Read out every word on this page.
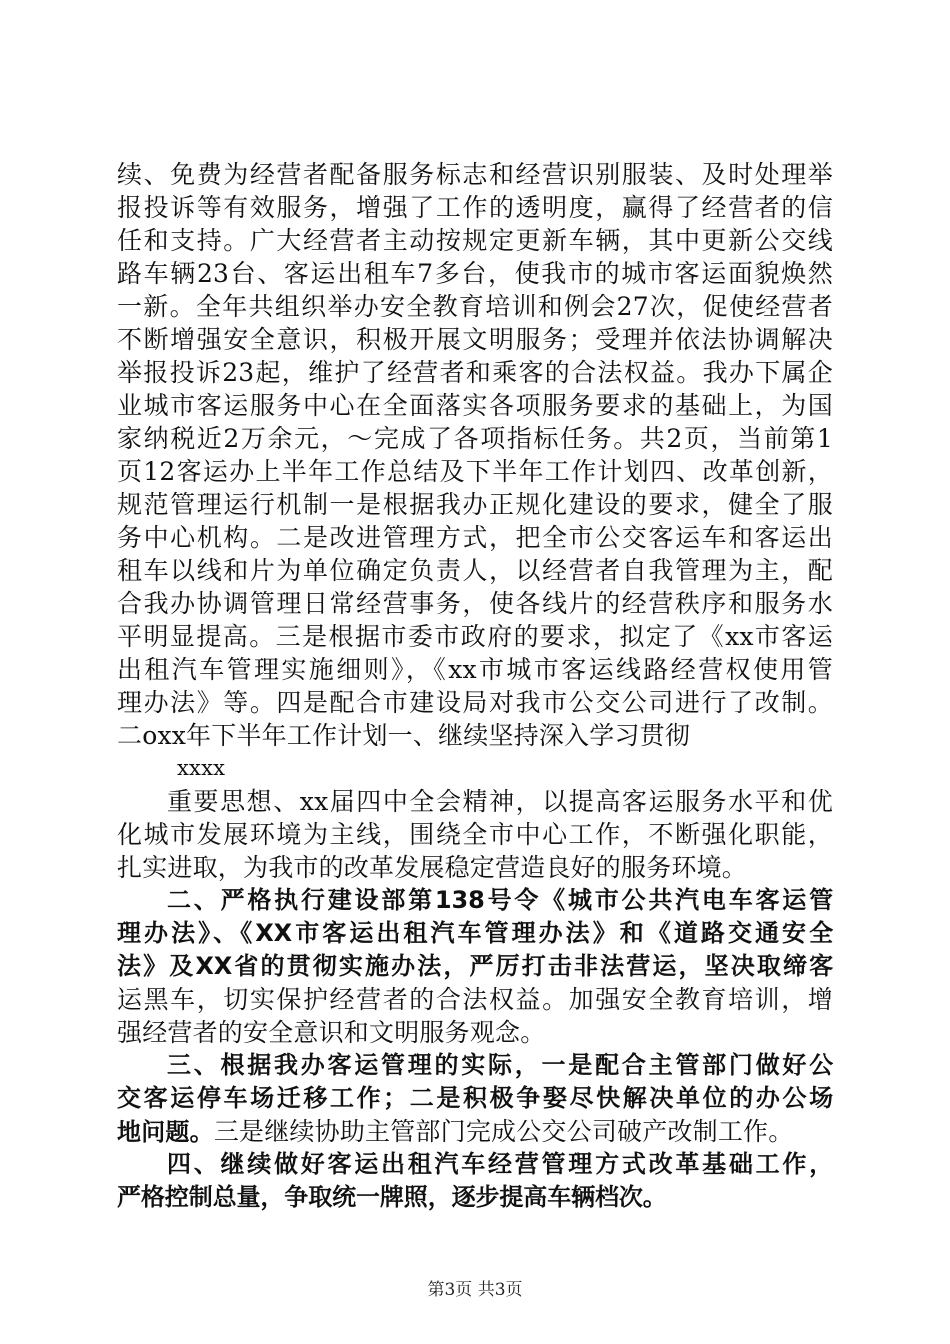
续、免费为经营者配备服务标志和经营识别服装、及时处理举
报投诉等有效服务，增强了工作的透明度，赢得了经营者的信
任和支持。广大经营者主动按规定更新车辆，其中更新公交线
路车辆23台、客运出租车7多台，使我市的城市客运面貌焕然
一新。全年共组织举办安全教育培训和例会27次，促使经营者
不断增强安全意识，积极开展文明服务；受理并依法协调解决
举报投诉23起，维护了经营者和乘客的合法权益。我办下属企
业城市客运服务中心在全面落实各项服务要求的基础上，为国
家纳税近2万余元，～完成了各项指标任务。共2页，当前第1
页12客运办上半年工作总结及下半年工作计划四、改革创新，
规范管理运行机制一是根据我办正规化建设的要求，健全了服
务中心机构。二是改进管理方式，把全市公交客运车和客运出
租车以线和片为单位确定负责人，以经营者自我管理为主，配
合我办协调管理日常经营事务，使各线片的经营秩序和服务水
平明显提高。三是根据市委市政府的要求，拟定了《xx市客运
出租汽车管理实施细则》，《xx市城市客运线路经营权使用管
理办法》等。四是配合市建设局对我市公交公司进行了改制。
二oxx年下半年工作计划一、继续坚持深入学习贯彻
xxxx
重要思想、xx届四中全会精神，以提高客运服务水平和优
化城市发展环境为主线，围绕全市中心工作，不断强化职能，
扎实进取，为我市的改革发展稳定营造良好的服务环境。
二、严格执行建设部第138号令《城市公共汽电车客运管
理办法》、《XX市客运出租汽车管理办法》和《道路交通安全
法》及XX省的贯彻实施办法，严厉打击非法营运，坚决取缔客
运黑车，切实保护经营者的合法权益。加强安全教育培训，增
强经营者的安全意识和文明服务观念。
三、根据我办客运管理的实际，一是配合主管部门做好公
交客运停车场迁移工作；二是积极争娶尽快解决单位的办公场
地问题。三是继续协助主管部门完成公交公司破产改制工作。
四、继续做好客运出租汽车经营管理方式改革基础工作，
严格控制总量，争取统一牌照，逐步提高车辆档次。
第3页 共3页
